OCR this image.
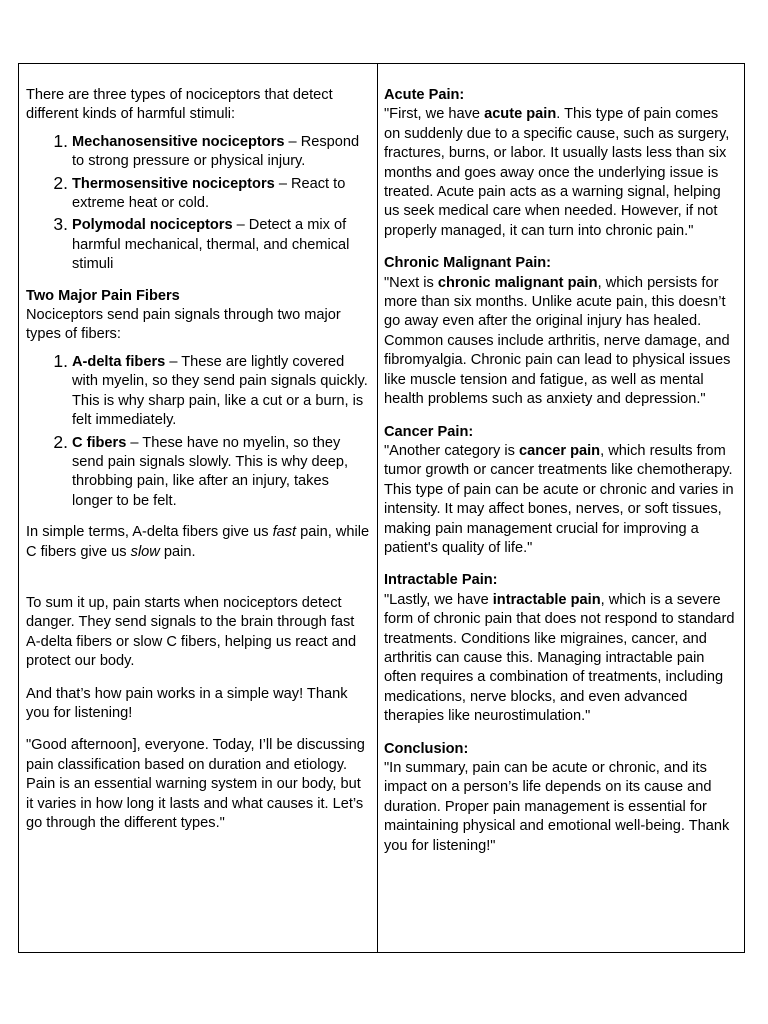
There are three types of nociceptors that detect different kinds of harmful stimuli:

1. Mechanosensitive nociceptors – Respond to strong pressure or physical injury.
2. Thermosensitive nociceptors – React to extreme heat or cold.
3. Polymodal nociceptors – Detect a mix of harmful mechanical, thermal, and chemical stimuli

Two Major Pain Fibers

Nociceptors send pain signals through two major types of fibers:

1. A-delta fibers – These are lightly covered with myelin, so they send pain signals quickly. This is why sharp pain, like a cut or a burn, is felt immediately.
2. C fibers – These have no myelin, so they send pain signals slowly. This is why deep, throbbing pain, like after an injury, takes longer to be felt.

In simple terms, A-delta fibers give us fast pain, while C fibers give us slow pain.

To sum it up, pain starts when nociceptors detect danger. They send signals to the brain through fast A-delta fibers or slow C fibers, helping us react and protect our body.

And that’s how pain works in a simple way! Thank you for listening!

"Good afternoon], everyone. Today, I’ll be discussing pain classification based on duration and etiology. Pain is an essential warning system in our body, but it varies in how long it lasts and what causes it. Let’s go through the different types."

Acute Pain:

"First, we have acute pain. This type of pain comes on suddenly due to a specific cause, such as surgery, fractures, burns, or labor. It usually lasts less than six months and goes away once the underlying issue is treated. Acute pain acts as a warning signal, helping us seek medical care when needed. However, if not properly managed, it can turn into chronic pain."

Chronic Malignant Pain:

"Next is chronic malignant pain, which persists for more than six months. Unlike acute pain, this doesn’t go away even after the original injury has healed. Common causes include arthritis, nerve damage, and fibromyalgia. Chronic pain can lead to physical issues like muscle tension and fatigue, as well as mental health problems such as anxiety and depression."

Cancer Pain:

"Another category is cancer pain, which results from tumor growth or cancer treatments like chemotherapy. This type of pain can be acute or chronic and varies in intensity. It may affect bones, nerves, or soft tissues, making pain management crucial for improving a patient's quality of life."

Intractable Pain:

"Lastly, we have intractable pain, which is a severe form of chronic pain that does not respond to standard treatments. Conditions like migraines, cancer, and arthritis can cause this. Managing intractable pain often requires a combination of treatments, including medications, nerve blocks, and even advanced therapies like neurostimulation."

Conclusion:

"In summary, pain can be acute or chronic, and its impact on a person’s life depends on its cause and duration. Proper pain management is essential for maintaining physical and emotional well-being. Thank you for listening!"
